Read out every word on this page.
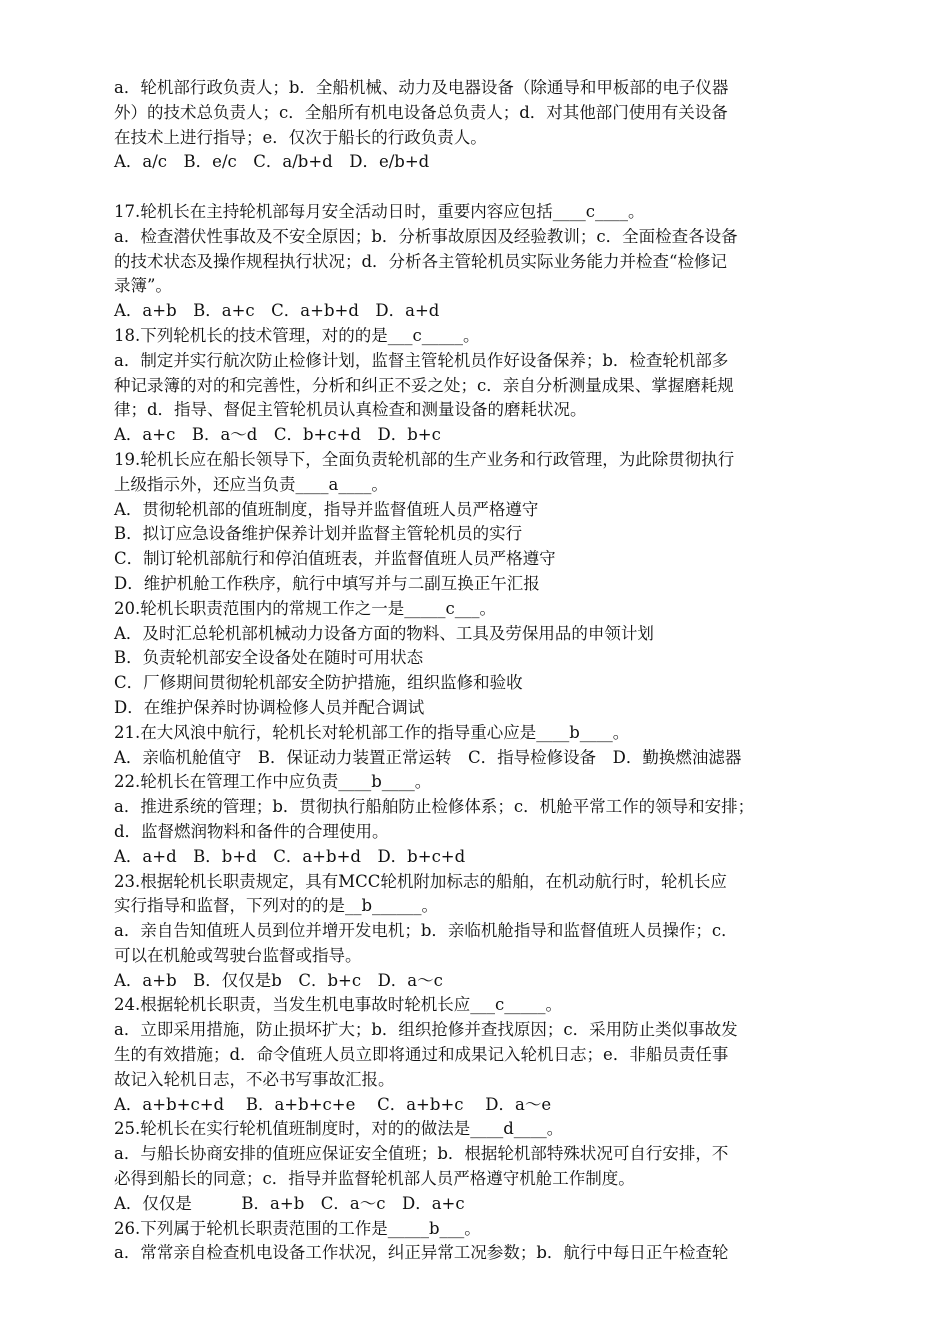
a．轮机部行政负责人；b．全船机械、动力及电器设备（除通导和甲板部的电子仪器
外）的技术总负责人；c．全船所有机电设备总负责人；d．对其他部门使用有关设备
在技术上进行指导；e．仅次于船长的行政负责人。
A．a/c　B．e/c　C．a/b+d　D．e/b+d
17.轮机长在主持轮机部每月安全活动日时，重要内容应包括____c____。
a．检查潜伏性事故及不安全原因；b．分析事故原因及经验教训；c．全面检查各设备
的技术状态及操作规程执行状况；d．分析各主管轮机员实际业务能力并检查“检修记
录簿”。
A．a+b　B．a+c　C．a+b+d　D．a+d
18.下列轮机长的技术管理，对的的是___c_____。
a．制定并实行航次防止检修计划，监督主管轮机员作好设备保养；b．检查轮机部多
种记录簿的对的和完善性，分析和纠正不妥之处；c．亲自分析测量成果、掌握磨耗规
律；d．指导、督促主管轮机员认真检查和测量设备的磨耗状况。
A．a+c　B．a～d　C．b+c+d　D．b+c
19.轮机长应在船长领导下，全面负责轮机部的生产业务和行政管理，为此除贯彻执行
上级指示外，还应当负责____a____。
A．贯彻轮机部的值班制度，指导并监督值班人员严格遵守
B．拟订应急设备维护保养计划并监督主管轮机员的实行
C．制订轮机部航行和停泊值班表，并监督值班人员严格遵守
D．维护机舱工作秩序，航行中填写并与二副互换正午汇报
20.轮机长职责范围内的常规工作之一是_____c___。
A．及时汇总轮机部机械动力设备方面的物料、工具及劳保用品的申领计划
B．负责轮机部安全设备处在随时可用状态
C．厂修期间贯彻轮机部安全防护措施，组织监修和验收
D．在维护保养时协调检修人员并配合调试
21.在大风浪中航行，轮机长对轮机部工作的指导重心应是____b____。
A．亲临机舱值守　B．保证动力装置正常运转　C．指导检修设备　D．勤换燃油滤器
22.轮机长在管理工作中应负责____b____。
a．推进系统的管理；b．贯彻执行船舶防止检修体系；c．机舱平常工作的领导和安排；
d．监督燃润物料和备件的合理使用。
A．a+d　B．b+d　C．a+b+d　D．b+c+d
23.根据轮机长职责规定，具有MCC轮机附加标志的船舶，在机动航行时，轮机长应
实行指导和监督，下列对的的是__b______。
a．亲自告知值班人员到位并增开发电机；b．亲临机舱指导和监督值班人员操作；c．
可以在机舱或驾驶台监督或指导。
A．a+b　B．仅仅是b　C．b+c　D．a～c
24.根据轮机长职责，当发生机电事故时轮机长应___c_____。
a．立即采用措施，防止损坏扩大；b．组织抢修并查找原因；c．采用防止类似事故发
生的有效措施；d．命令值班人员立即将通过和成果记入轮机日志；e．非船员责任事
故记入轮机日志，不必书写事故汇报。
A．a+b+c+d　 B．a+b+c+e　 C．a+b+c　 D．a～e
25.轮机长在实行轮机值班制度时，对的的做法是____d____。
a．与船长协商安排的值班应保证安全值班；b．根据轮机部特殊状况可自行安排，不
必得到船长的同意；c．指导并监督轮机部人员严格遵守机舱工作制度。
A．仅仅是　　　B．a+b　C．a～c　D．a+c
26.下列属于轮机长职责范围的工作是_____b___。
a．常常亲自检查机电设备工作状况，纠正异常工况参数；b．航行中每日正午检查轮
